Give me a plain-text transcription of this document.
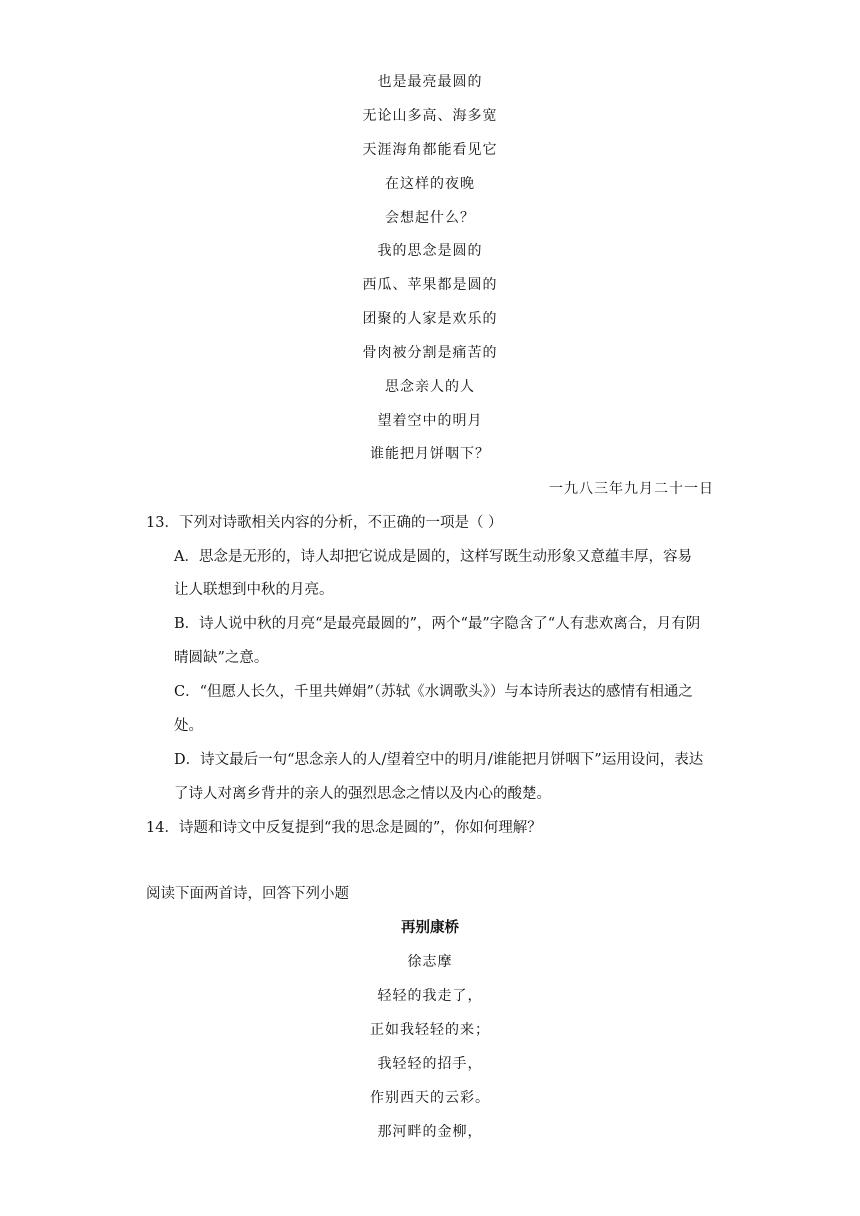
也是最亮最圆的
无论山多高、海多宽
天涯海角都能看见它
在这样的夜晚
会想起什么？
我的思念是圆的
西瓜、苹果都是圆的
团聚的人家是欢乐的
骨肉被分割是痛苦的
思念亲人的人
望着空中的明月
谁能把月饼咽下？
一九八三年九月二十一日
13．下列对诗歌相关内容的分析，不正确的一项是（ ）
A．思念是无形的，诗人却把它说成是圆的，这样写既生动形象又意蕴丰厚，容易
让人联想到中秋的月亮。
B．诗人说中秋的月亮“是最亮最圆的”，两个“最”字隐含了“人有悲欢离合，月有阴
晴圆缺”之意。
C．“但愿人长久，千里共婵娟”（苏轼《水调歌头》）与本诗所表达的感情有相通之
处。
D．诗文最后一句“思念亲人的人/望着空中的明月/谁能把月饼咽下”运用设问，表达
了诗人对离乡背井的亲人的强烈思念之情以及内心的酸楚。
14．诗题和诗文中反复提到“我的思念是圆的”，你如何理解？
阅读下面两首诗，回答下列小题
再别康桥
徐志摩
轻轻的我走了，
正如我轻轻的来；
我轻轻的招手，
作别西天的云彩。
那河畔的金柳，
